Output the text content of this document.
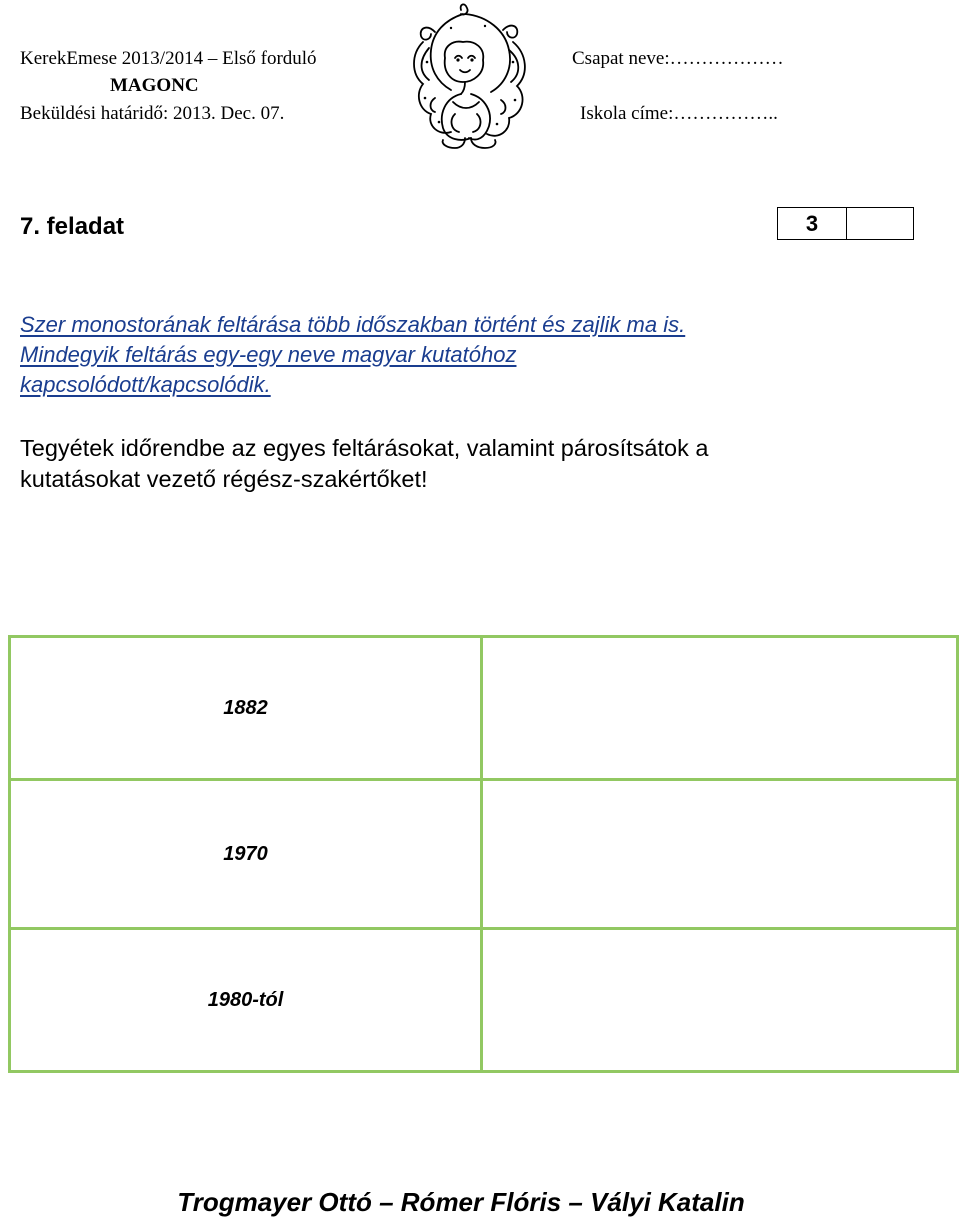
KerekEmese 2013/2014 – Első forduló
MAGONC
Beküldési határidő: 2013. Dec. 07.
Csapat neve:………………
Iskola címe:……………..
7. feladat	3
Szer monostorának feltárása több időszakban történt és zajlik ma is.
Mindegyik feltárás egy-egy neve magyar kutatóhoz
kapcsolódott/kapcsolódik.
Tegyétek időrendbe az egyes feltárásokat, valamint párosítsátok a
kutatásokat vezető régész-szakértőket!
1882	
1970	
1980-tól	
Trogmayer Ottó – Rómer Flóris – Vályi Katalin
